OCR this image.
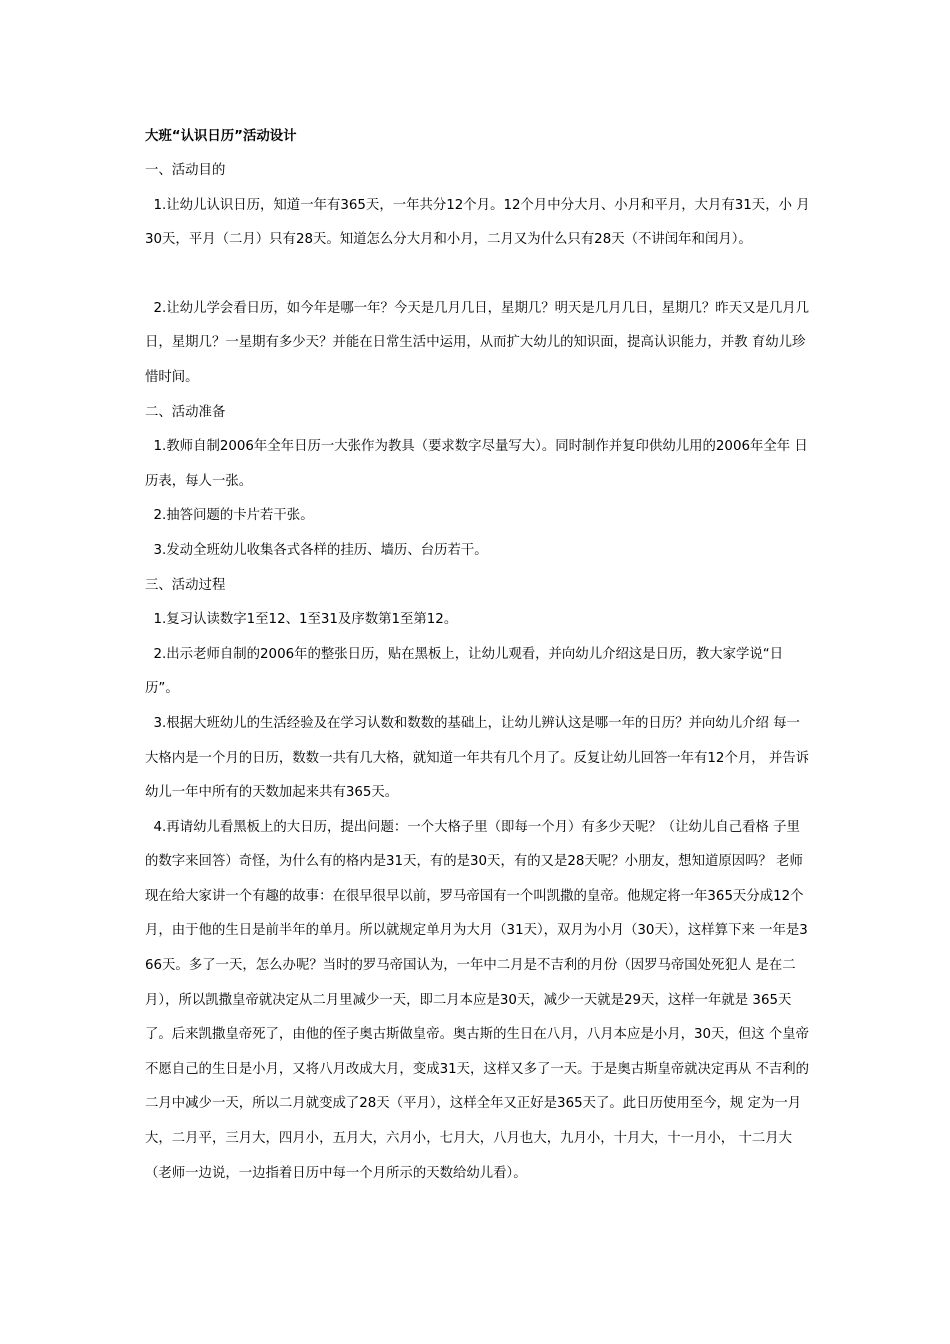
大班“认识日历”活动设计

一、活动目的

1.让幼儿认识日历，知道一年有365天，一年共分12个月。12个月中分大月、小月和平月，大月有31天，小 月30天，平月（二月）只有28天。知道怎么分大月和小月，二月又为什么只有28天（不讲闰年和闰月）。

2.让幼儿学会看日历，如今年是哪一年？今天是几月几日，星期几？明天是几月几日，星期几？昨天又是几月几日，星期几？一星期有多少天？并能在日常生活中运用，从而扩大幼儿的知识面，提高认识能力，并教 育幼儿珍惜时间。

二、活动准备

1.教师自制2006年全年日历一大张作为教具（要求数字尽量写大）。同时制作并复印供幼儿用的2006年全年 日历表，每人一张。

2.抽答问题的卡片若干张。

3.发动全班幼儿收集各式各样的挂历、墙历、台历若干。

三、活动过程

1.复习认读数字1至12、1至31及序数第1至第12。

2.出示老师自制的2006年的整张日历，贴在黑板上，让幼儿观看，并向幼儿介绍这是日历，教大家学说“日历”。

3.根据大班幼儿的生活经验及在学习认数和数数的基础上，让幼儿辨认这是哪一年的日历？并向幼儿介绍 每一大格内是一个月的日历，数数一共有几大格，就知道一年共有几个月了。反复让幼儿回答一年有12个月， 并告诉幼儿一年中所有的天数加起来共有365天。

4.再请幼儿看黑板上的大日历，提出问题：一个大格子里（即每一个月）有多少天呢？（让幼儿自己看格 子里的数字来回答）奇怪，为什么有的格内是31天，有的是30天，有的又是28天呢？小朋友，想知道原因吗？ 老师现在给大家讲一个有趣的故事：在很早很早以前，罗马帝国有一个叫凯撒的皇帝。他规定将一年365天分成12个月，由于他的生日是前半年的单月。所以就规定单月为大月（31天），双月为小月（30天），这样算下来 一年是366天。多了一天，怎么办呢？当时的罗马帝国认为，一年中二月是不吉利的月份（因罗马帝国处死犯人 是在二月），所以凯撒皇帝就决定从二月里减少一天，即二月本应是30天，减少一天就是29天，这样一年就是 365天了。后来凯撒皇帝死了，由他的侄子奥古斯做皇帝。奥古斯的生日在八月，八月本应是小月，30天，但这 个皇帝不愿自己的生日是小月，又将八月改成大月，变成31天，这样又多了一天。于是奥古斯皇帝就决定再从 不吉利的二月中减少一天，所以二月就变成了28天（平月），这样全年又正好是365天了。此日历使用至今，规 定为一月大，二月平，三月大，四月小，五月大，六月小，七月大，八月也大，九月小，十月大，十一月小， 十二月大（老师一边说，一边指着日历中每一个月所示的天数给幼儿看）。
